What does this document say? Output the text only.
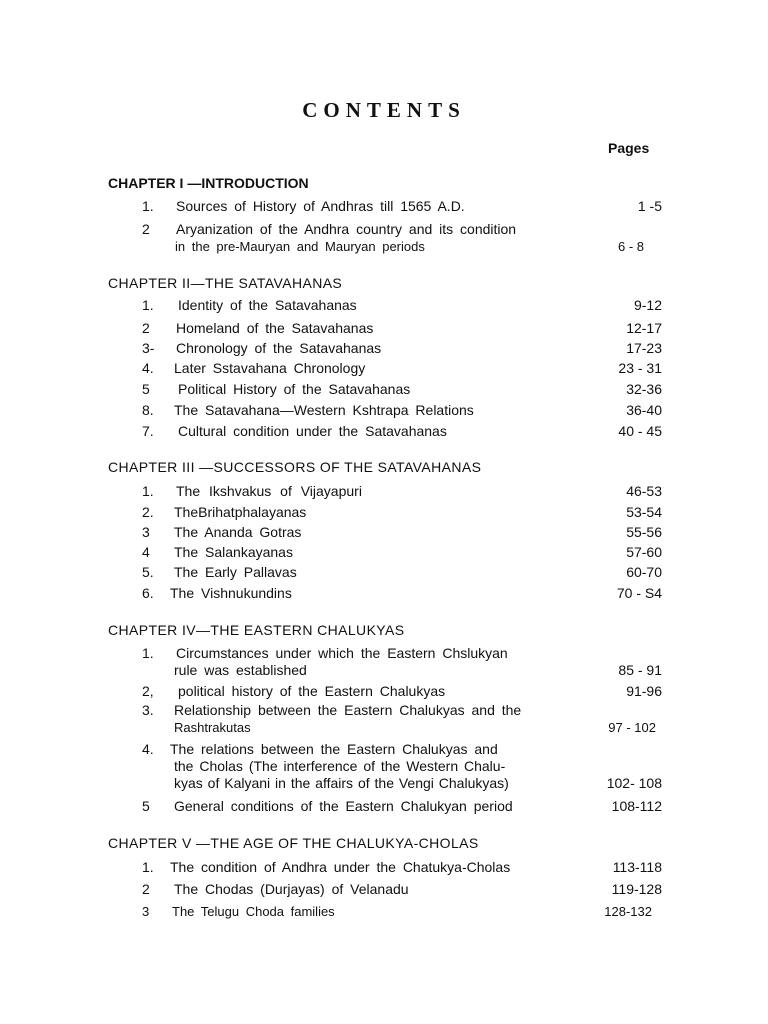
CONTENTS
Pages
CHAPTER I —INTRODUCTION
1. Sources of History of Andhras till 1565 A.D.	1 -5
2 Aryanization of the Andhra country and its condition
in the pre-Mauryan and Mauryan periods	6 - 8
CHAPTER II—THE SATAVAHANAS
1. Identity of the Satavahanas	9-12
2 Homeland of the Satavahanas	12-17
3- Chronology of the Satavahanas	17-23
4. Later Sstavahana Chronology	23 - 31
5 Political History of the Satavahanas	32-36
8. The Satavahana—Western Kshtrapa Relations	36-40
7. Cultural condition under the Satavahanas	40 - 45
CHAPTER III —SUCCESSORS OF THE SATAVAHANAS
1. The Ikshvakus of Vijayapuri	46-53
2. TheBrihatphalayanas	53-54
3 The Ananda Gotras	55-56
4 The Salankayanas	57-60
5. The Early Pallavas	60-70
6. The Vishnukundins	70 - S4
CHAPTER IV—THE EASTERN CHALUKYAS
1. Circumstances under which the Eastern Chslukyan
rule was established	85 - 91
2, political history of the Eastern Chalukyas	91-96
3. Relationship between the Eastern Chalukyas and the
Rashtrakutas	97 - 102
4. The relations between the Eastern Chalukyas and
the Cholas (The interference of the Western Chalu-
kyas of Kalyani in the affairs of the Vengi Chalukyas)	102- 108
5 General conditions of the Eastern Chalukyan period	108-112
CHAPTER V —THE AGE OF THE CHALUKYA-CHOLAS
1. The condition of Andhra under the Chatukya-Cholas	113-118
2 The Chodas (Durjayas) of Velanadu	119-128
3 The Telugu Choda families	128-132
